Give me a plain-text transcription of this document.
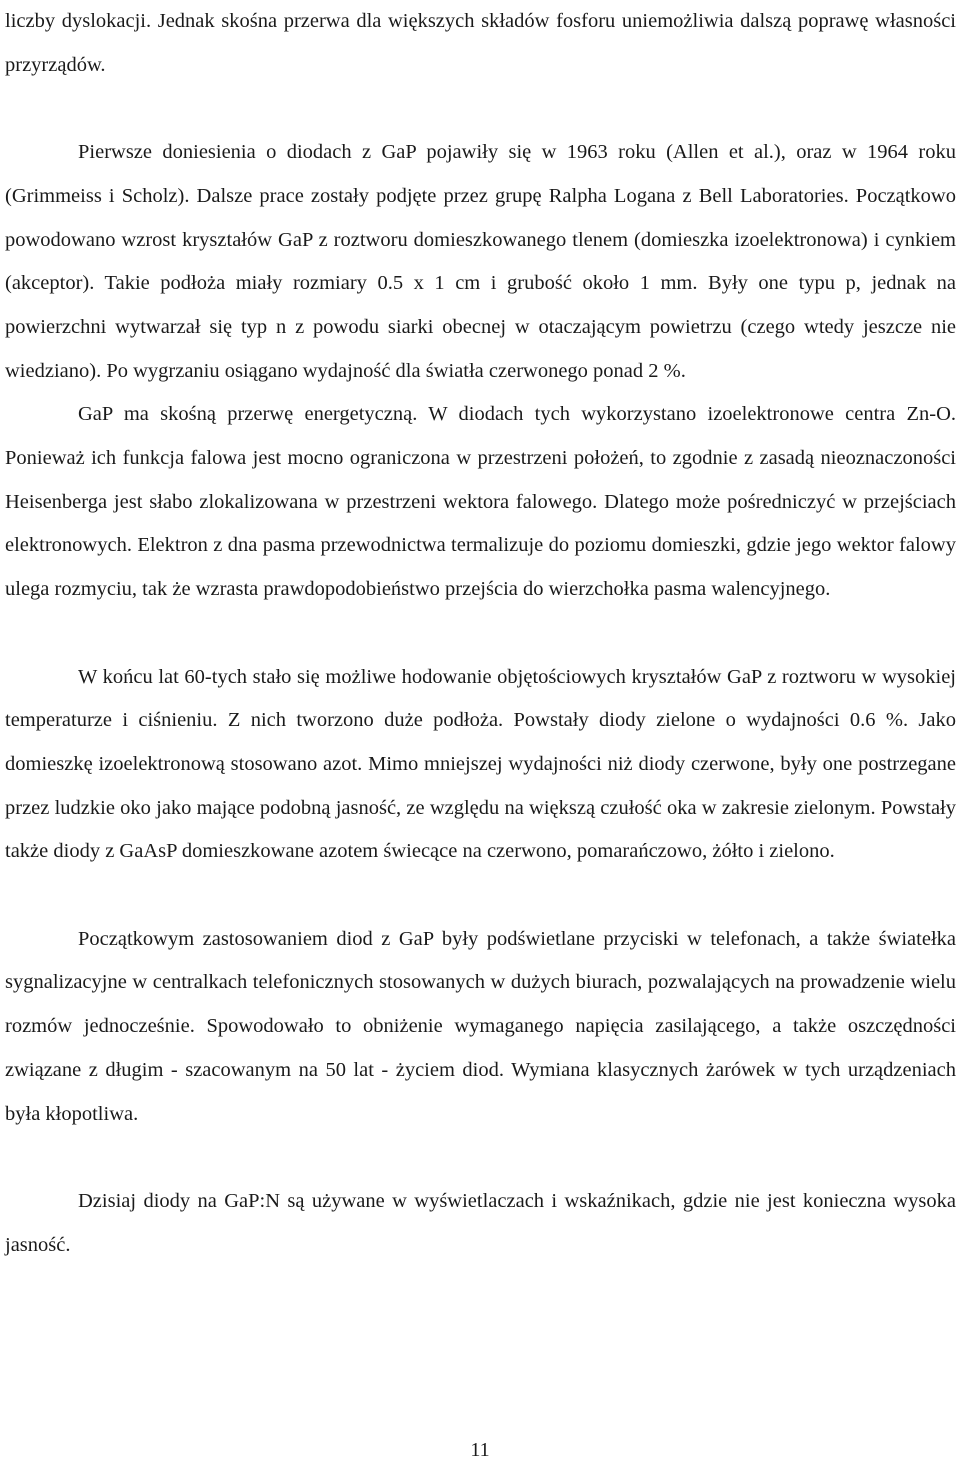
liczby dyslokacji. Jednak skośna przerwa dla większych składów fosforu uniemożliwia dalszą poprawę własności przyrządów.

Pierwsze doniesienia o diodach z GaP pojawiły się w 1963 roku (Allen et al.), oraz w 1964 roku (Grimmeiss i Scholz). Dalsze prace zostały podjęte przez grupę Ralpha Logana z Bell Laboratories. Początkowo powodowano wzrost kryształów GaP z roztworu domieszkowanego tlenem (domieszka izoelektronowa) i cynkiem (akceptor). Takie podłoża miały rozmiary 0.5 x 1 cm i grubość około 1 mm. Były one typu p, jednak na powierzchni wytwarzał się typ n z powodu siarki obecnej w otaczającym powietrzu (czego wtedy jeszcze nie wiedziano). Po wygrzaniu osiągano wydajność dla światła czerwonego ponad 2 %.

GaP ma skośną przerwę energetyczną. W diodach tych wykorzystano izoelektronowe centra Zn-O. Ponieważ ich funkcja falowa jest mocno ograniczona w przestrzeni położeń, to zgodnie z zasadą nieoznaczoności Heisenberga jest słabo zlokalizowana w przestrzeni wektora falowego. Dlatego może pośredniczyć w przejściach elektronowych. Elektron z dna pasma przewodnictwa termalizuje do poziomu domieszki, gdzie jego wektor falowy ulega rozmyciu, tak że wzrasta prawdopodobieństwo przejścia do wierzchołka pasma walencyjnego.

W końcu lat 60-tych stało się możliwe hodowanie objętościowych kryształów GaP z roztworu w wysokiej temperaturze i ciśnieniu. Z nich tworzono duże podłoża. Powstały diody zielone o wydajności 0.6 %. Jako domieszkę izoelektronową stosowano azot. Mimo mniejszej wydajności niż diody czerwone, były one postrzegane przez ludzkie oko jako mające podobną jasność, ze względu na większą czułość oka w zakresie zielonym. Powstały także diody z GaAsP domieszkowane azotem świecące na czerwono, pomarańczowo, żółto i zielono.

Początkowym zastosowaniem diod z GaP były podświetlane przyciski w telefonach, a także światełka sygnalizacyjne w centralkach telefonicznych stosowanych w dużych biurach, pozwalających na prowadzenie wielu rozmów jednocześnie. Spowodowało to obniżenie wymaganego napięcia zasilającego, a także oszczędności związane z długim - szacowanym na 50 lat - życiem diod. Wymiana klasycznych żarówek w tych urządzeniach była kłopotliwa.

Dzisiaj diody na GaP:N są używane w wyświetlaczach i wskaźnikach, gdzie nie jest konieczna wysoka jasność.

11
